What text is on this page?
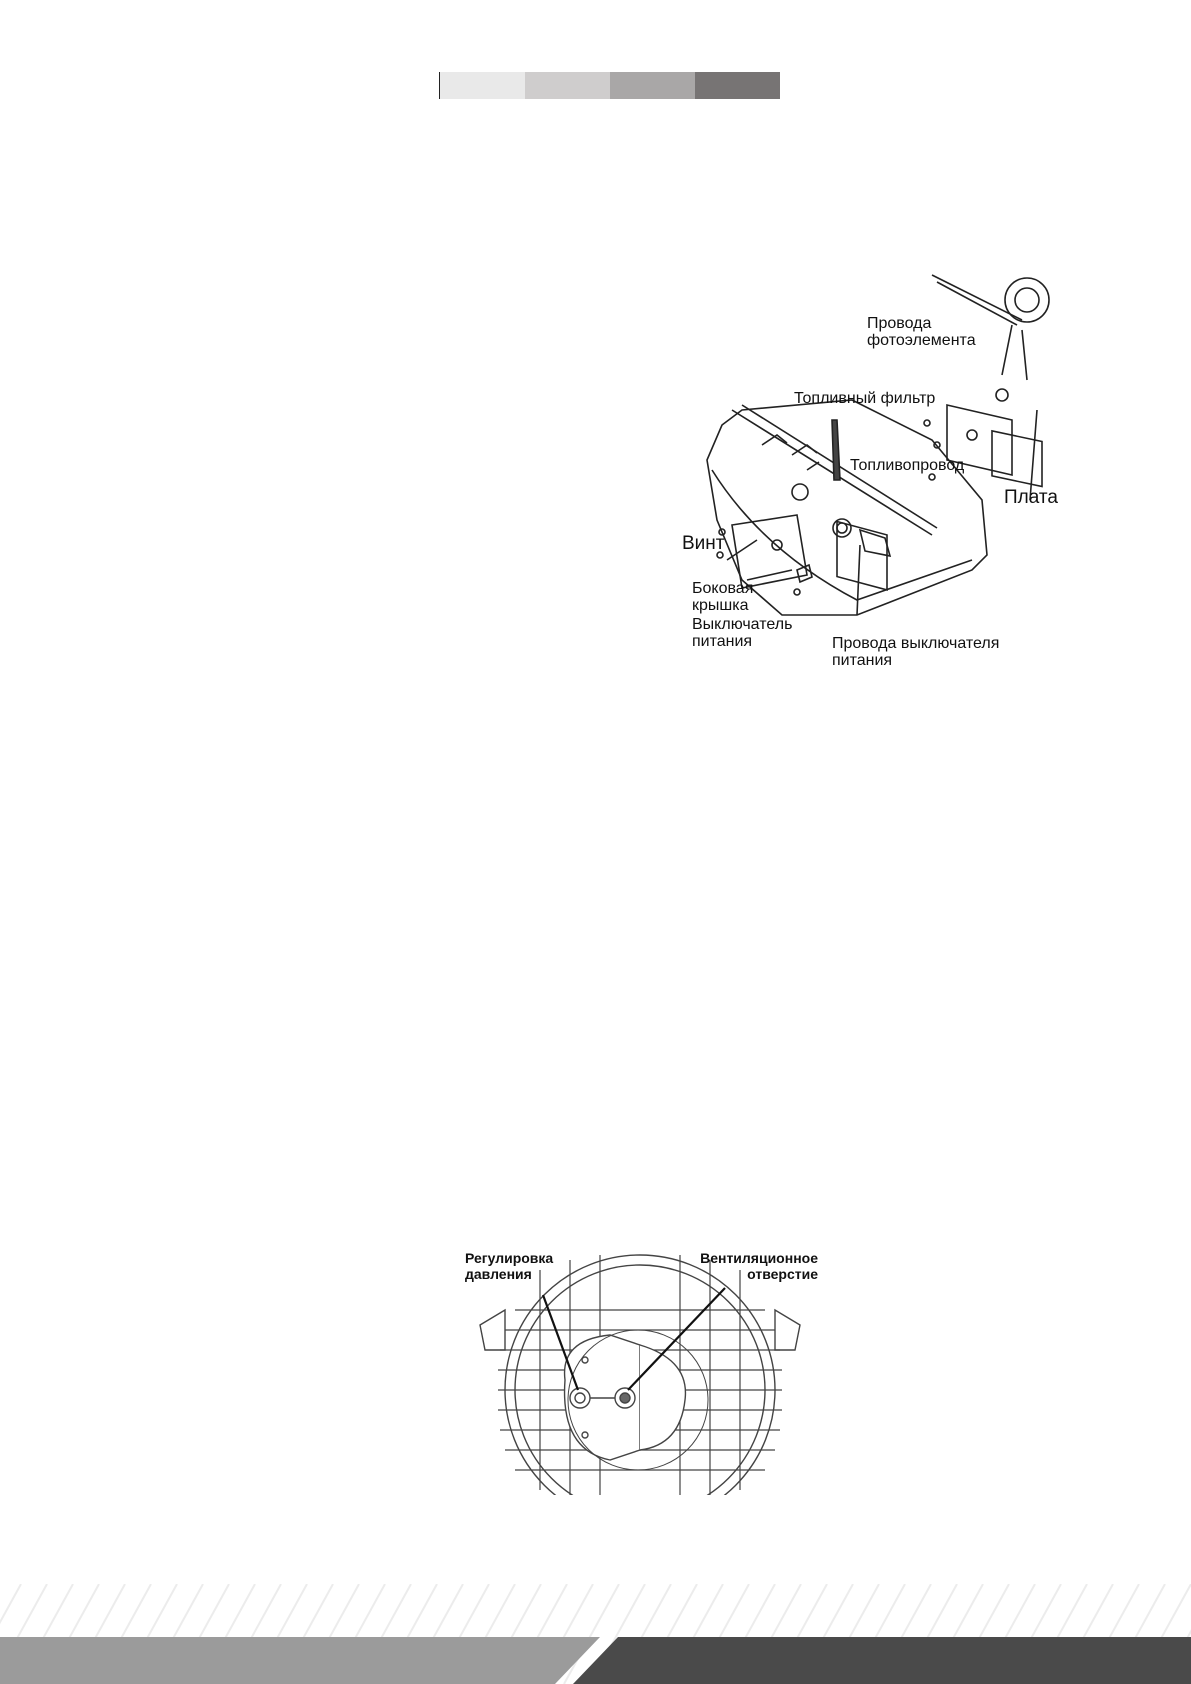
Провода
фотоэлемента
Топливный фильтр
Топливопровод
Плата
Винт
Боковая
крышка
Выключатель
питания	Провода выключателя
питания
Регулировка
давления
Вентиляционное
отверстие
